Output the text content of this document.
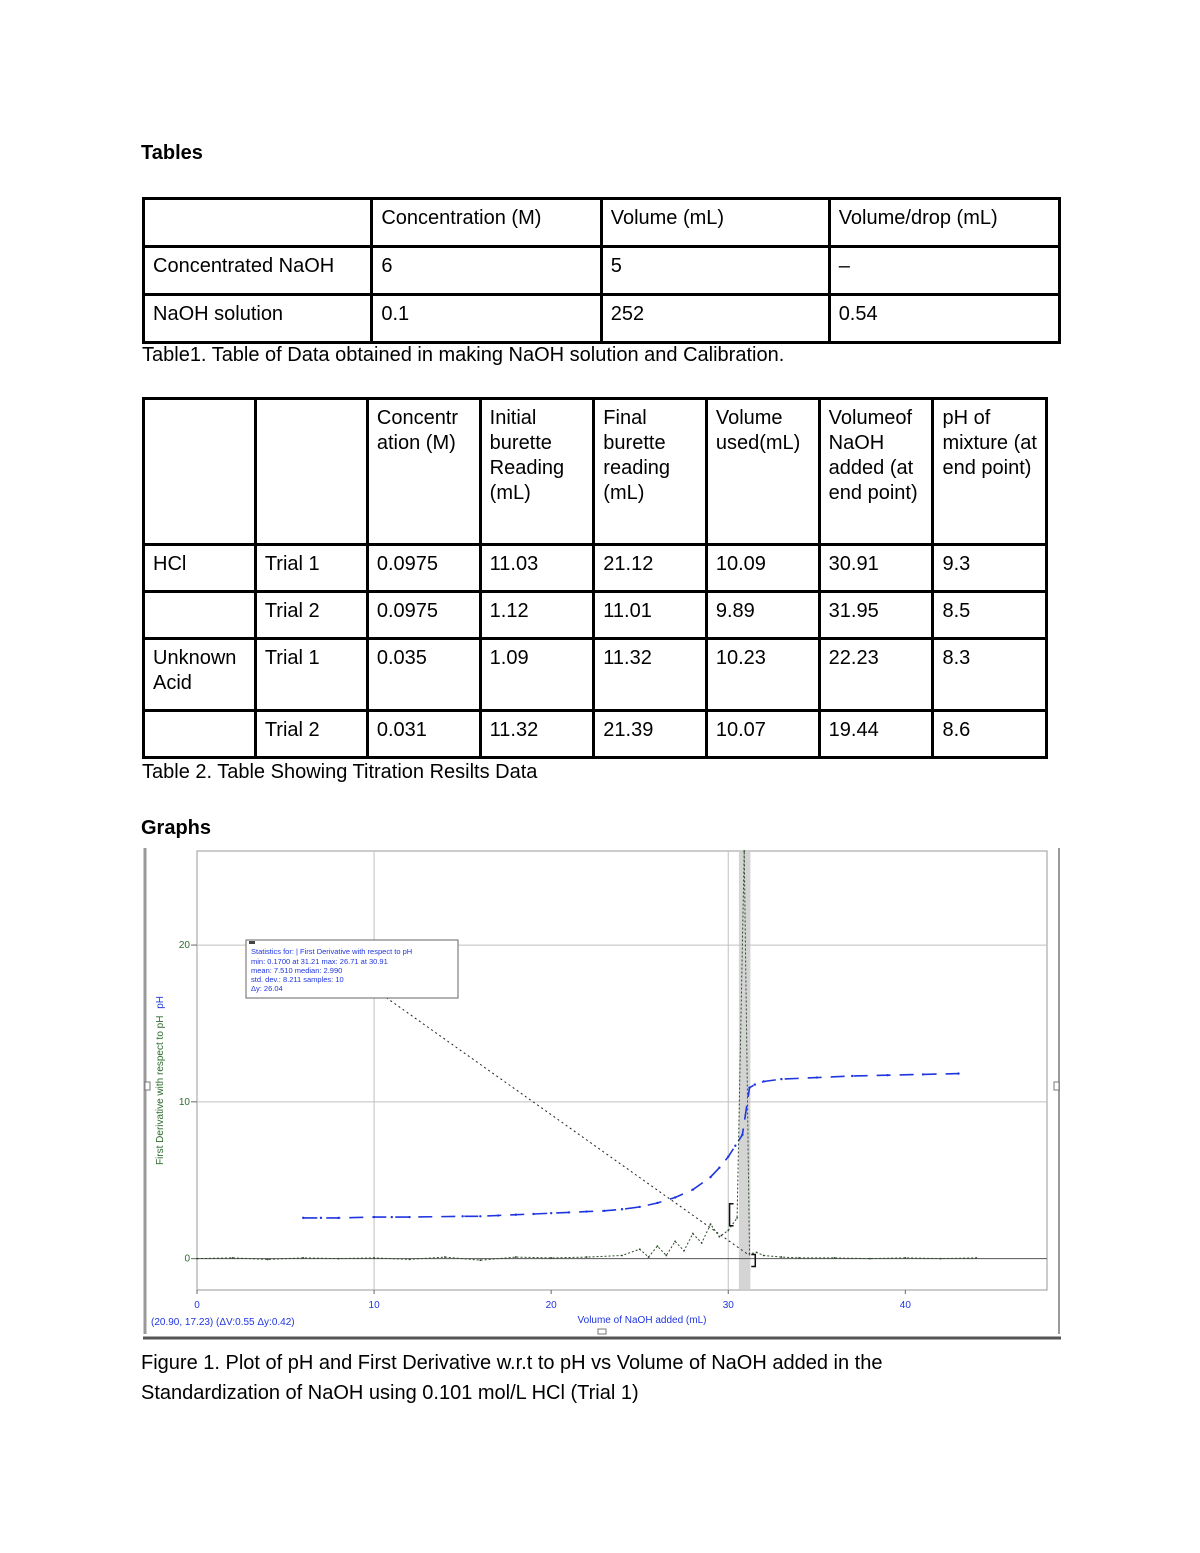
Tables
	Concentration (M)	Volume (mL)	Volume/drop (mL)
Concentrated NaOH	6	5	–
NaOH solution	0.1	252	0.54

Table1. Table of Data obtained in making NaOH solution and Calibration.

		Concentr ation (M)	Initial burette Reading (mL)	Final burette reading (mL)	Volume used(mL)	Volumeof NaOH added (at end point)	pH of mixture (at end point)
HCl	Trial 1	0.0975	11.03	21.12	10.09	30.91	9.3
	Trial 2	0.0975	1.12	11.01	9.89	31.95	8.5
Unknown Acid	Trial 1	0.035	1.09	11.32	10.23	22.23	8.3
	Trial 2	0.031	11.32	21.39	10.07	19.44	8.6

Table 2. Table Showing Titration Resilts Data

Graphs
0	10	20	30	40
0
10
20
Volume of NaOH added (mL)
(20.90, 17.23) (ΔV:0.55 Δy:0.42)
First Derivative with respect to pH pH
Statistics for: | First Derivative with respect to pH
min: 0.1700 at 31.21 max: 26.71 at 30.91
mean: 7.510 median: 2.990
std. dev.: 8.211 samples: 10
Δy: 26.04

Figure 1. Plot of pH and First Derivative w.r.t to pH vs Volume of NaOH added in the

Standardization of NaOH using 0.101 mol/L HCl (Trial 1)
